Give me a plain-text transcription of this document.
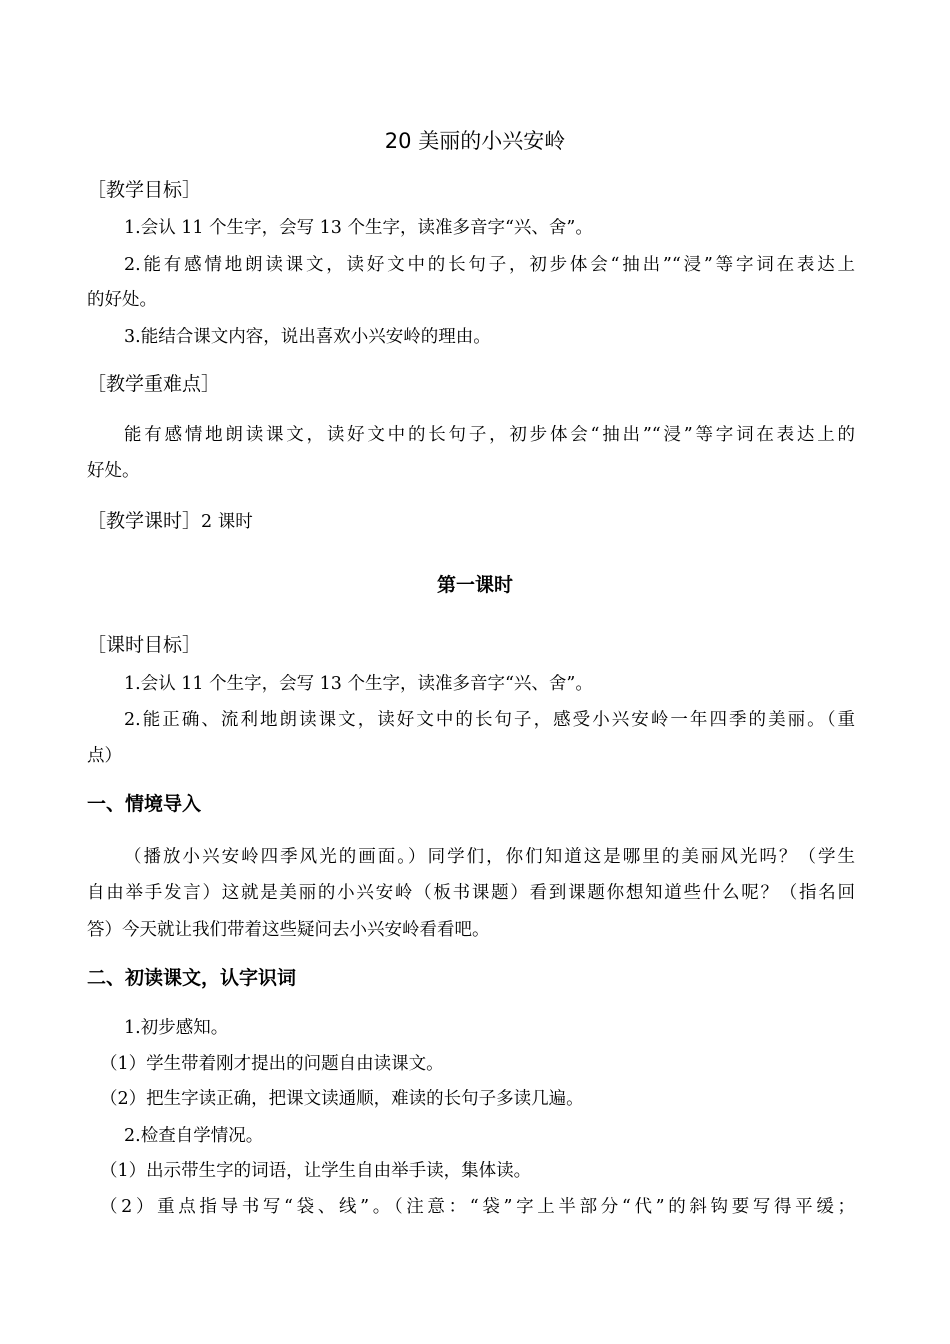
20 美丽的小兴安岭
［教学目标］
1.会认 11 个生字，会写 13 个生字，读准多音字“兴、舍”。
2.能有感情地朗读课文，读好文中的长句子，初步体会“抽出”“浸”等字词在表达上
的好处。
3.能结合课文内容，说出喜欢小兴安岭的理由。
［教学重难点］
能有感情地朗读课文，读好文中的长句子，初步体会“抽出”“浸”等字词在表达上的
好处。
［教学课时］2 课时
第一课时
［课时目标］
1.会认 11 个生字，会写 13 个生字，读准多音字“兴、舍”。
2.能正确、流利地朗读课文，读好文中的长句子，感受小兴安岭一年四季的美丽。（重
点）
一、情境导入
（播放小兴安岭四季风光的画面。）同学们，你们知道这是哪里的美丽风光吗？（学生
自由举手发言）这就是美丽的小兴安岭（板书课题）看到课题你想知道些什么呢？（指名回
答）今天就让我们带着这些疑问去小兴安岭看看吧。
二、初读课文，认字识词
1.初步感知。
（1）学生带着刚才提出的问题自由读课文。
（2）把生字读正确，把课文读通顺，难读的长句子多读几遍。
2.检查自学情况。
（1）出示带生字的词语，让学生自由举手读，集体读。
（2）重点指导书写“袋、线”。（注意：“袋”字上半部分“代”的斜钩要写得平缓；
